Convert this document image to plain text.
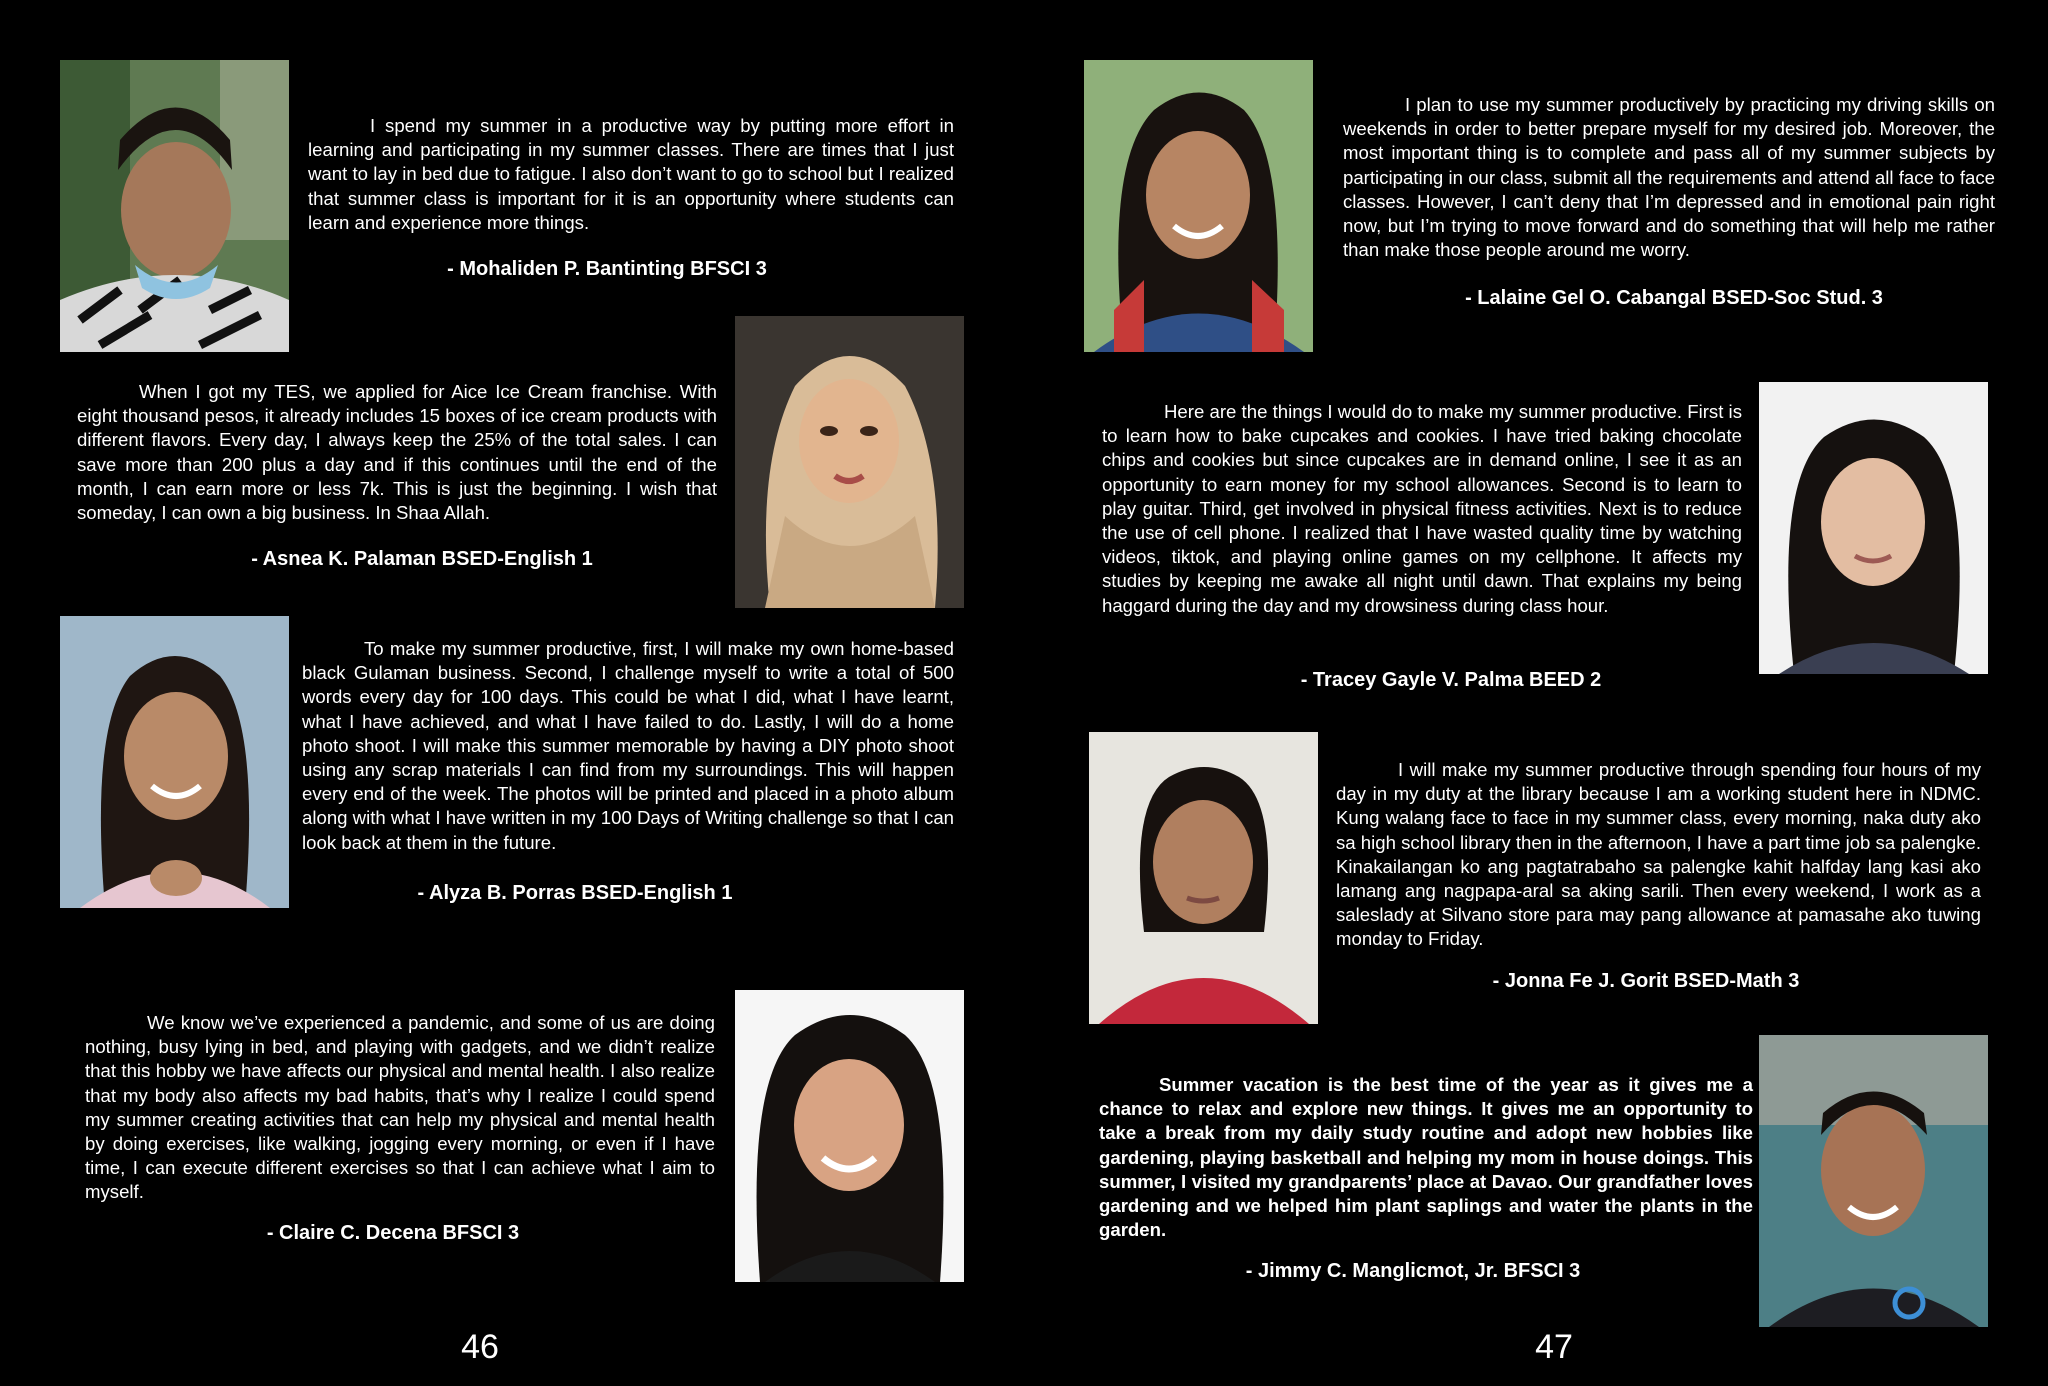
I spend my summer in a productive way by putting more effort in learning and participating in my summer classes. There are times that I just want to lay in bed due to fatigue. I also don’t want to go to school but I realized that summer class is important for it is an opportunity where students can learn and experience more things.

- Mohaliden P. Bantinting BFSCI 3

When I got my TES, we applied for Aice Ice Cream franchise. With eight thousand pesos, it already includes 15 boxes of ice cream products with different flavors. Every day, I always keep the 25% of the total sales. I can save more than 200 plus a day and if this continues until the end of the month, I can earn more or less 7k. This is just the beginning. I wish that someday, I can own a big business. In Shaa Allah.

- Asnea K. Palaman BSED-English 1

To make my summer productive, first, I will make my own home-based black Gulaman business. Second, I challenge myself to write a total of 500 words every day for 100 days. This could be what I did, what I have learnt, what I have achieved, and what I have failed to do. Lastly, I will do a home photo shoot. I will make this summer memorable by having a DIY photo shoot using any scrap materials I can find from my surroundings. This will happen every end of the week. The photos will be printed and placed in a photo album along with what I have written in my 100 Days of Writing challenge so that I can look back at them in the future.

- Alyza B. Porras BSED-English 1

We know we’ve experienced a pandemic, and some of us are doing nothing, busy lying in bed, and playing with gadgets, and we didn’t realize that this hobby we have affects our physical and mental health. I also realize that my body also affects my bad habits, that’s why I realize I could spend my summer creating activities that can help my physical and mental health by doing exercises, like walking, jogging every morning, or even if I have time, I can execute different exercises so that I can achieve what I aim to myself.

- Claire C. Decena BFSCI 3

46

I plan to use my summer productively by practicing my driving skills on weekends in order to better prepare myself for my desired job. Moreover, the most important thing is to complete and pass all of my summer subjects by participating in our class, submit all the requirements and attend all face to face classes. However, I can’t deny that I’m depressed and in emotional pain right now, but I’m trying to move forward and do something that will help me rather than make those people around me worry.

- Lalaine Gel O. Cabangal BSED-Soc Stud. 3

Here are the things I would do to make my summer productive. First is to learn how to bake cupcakes and cookies. I have tried baking chocolate chips and cookies but since cupcakes are in demand online, I see it as an opportunity to earn money for my school allowances. Second is to learn to play guitar. Third, get involved in physical fitness activities. Next is to reduce the use of cell phone. I realized that I have wasted quality time by watching videos, tiktok, and playing online games on my cellphone. It affects my studies by keeping me awake all night until dawn. That explains my being haggard during the day and my drowsiness during class hour.

- Tracey Gayle V. Palma BEED 2

I will make my summer productive through spending four hours of my day in my duty at the library because I am a working student here in NDMC. Kung walang face to face in my summer class, every morning, naka duty ako sa high school library then in the afternoon, I have a part time job sa palengke. Kinakailangan ko ang pagtatrabaho sa palengke kahit halfday lang kasi ako lamang ang nagpapa-aral sa aking sarili. Then every weekend, I work as a saleslady at Silvano store para may pang allowance at pamasahe ako tuwing monday to Friday.

- Jonna Fe J. Gorit BSED-Math 3

Summer vacation is the best time of the year as it gives me a chance to relax and explore new things. It gives me an opportunity to take a break from my daily study routine and adopt new hobbies like gardening, playing basketball and helping my mom in house doings. This summer, I visited my grandparents’ place at Davao. Our grandfather loves gardening and we helped him plant saplings and water the plants in the garden.

- Jimmy C. Manglicmot, Jr. BFSCI 3

47
